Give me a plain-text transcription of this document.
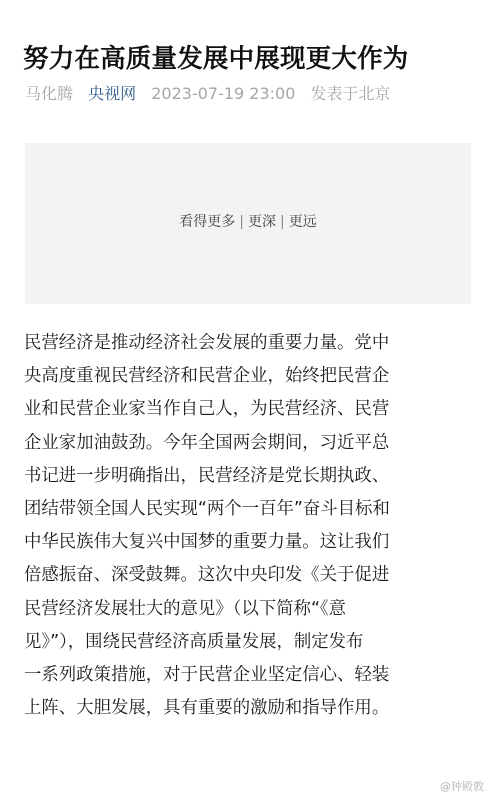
努力在高质量发展中展现更大作为
马化腾 央视网 2023-07-19 23:00 发表于北京
看得更多 | 更深 | 更远

民营经济是推动经济社会发展的重要力量。党中
央高度重视民营经济和民营企业，始终把民营企
业和民营企业家当作自己人，为民营经济、民营
企业家加油鼓劲。今年全国两会期间，习近平总
书记进一步明确指出，民营经济是党长期执政、
团结带领全国人民实现“两个一百年”奋斗目标和
中华民族伟大复兴中国梦的重要力量。这让我们
倍感振奋、深受鼓舞。这次中央印发《关于促进
民营经济发展壮大的意见》（以下简称“《意
见》”），围绕民营经济高质量发展，制定发布
一系列政策措施，对于民营企业坚定信心、轻装
上阵、大胆发展，具有重要的激励和指导作用。

@钟殿敦
